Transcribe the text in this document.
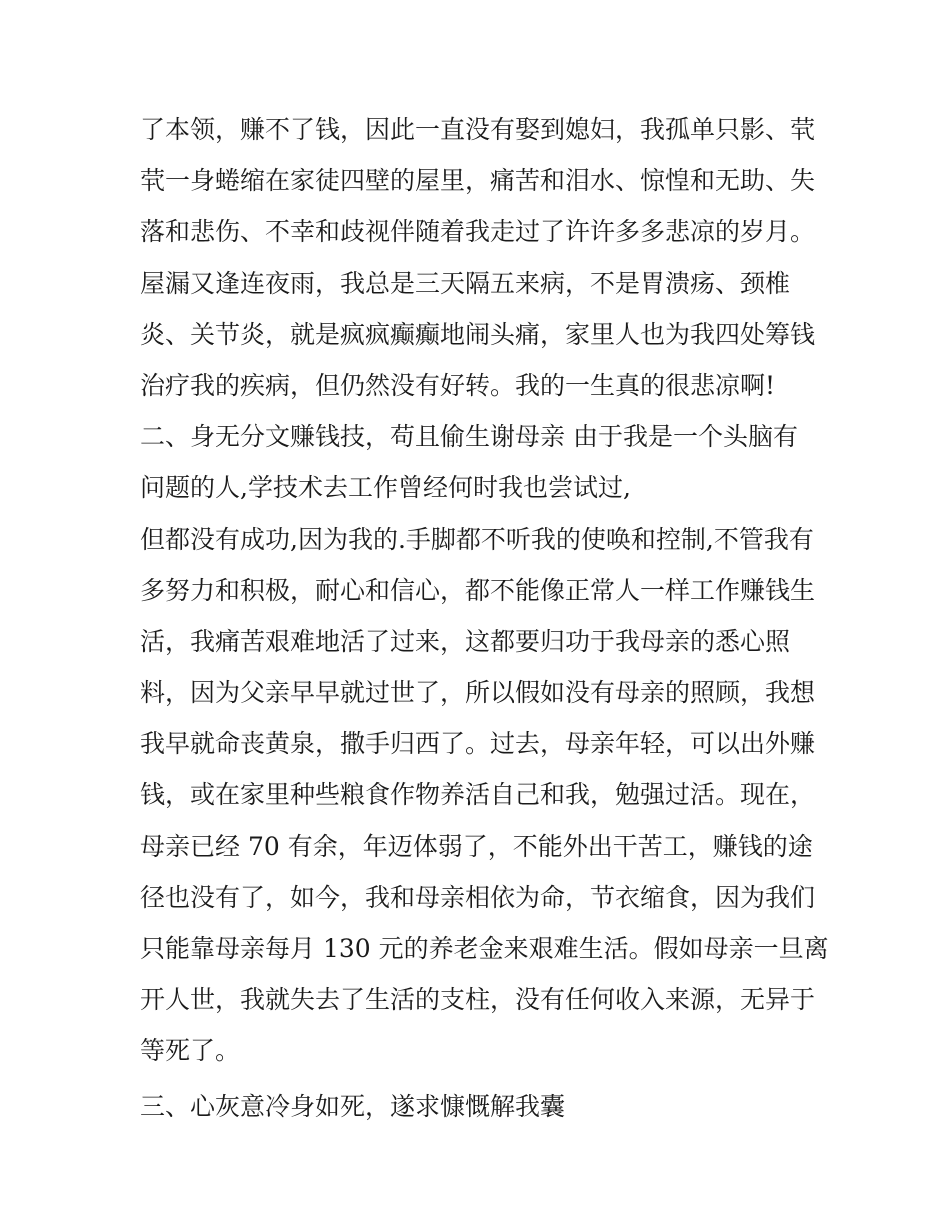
了本领，赚不了钱，因此一直没有娶到媳妇，我孤单只影、茕
茕一身蜷缩在家徒四壁的屋里，痛苦和泪水、惊惶和无助、失
落和悲伤、不幸和歧视伴随着我走过了许许多多悲凉的岁月。
屋漏又逢连夜雨，我总是三天隔五来病，不是胃溃疡、颈椎
炎、关节炎，就是疯疯癫癫地闹头痛，家里人也为我四处筹钱
治疗我的疾病，但仍然没有好转。我的一生真的很悲凉啊!
二、身无分文赚钱技，苟且偷生谢母亲 由于我是一个头脑有
问题的人,学技术去工作曾经何时我也尝试过,
但都没有成功,因为我的.手脚都不听我的使唤和控制,不管我有
多努力和积极，耐心和信心，都不能像正常人一样工作赚钱生
活，我痛苦艰难地活了过来，这都要归功于我母亲的悉心照
料，因为父亲早早就过世了，所以假如没有母亲的照顾，我想
我早就命丧黄泉，撒手归西了。过去，母亲年轻，可以出外赚
钱，或在家里种些粮食作物养活自己和我，勉强过活。现在，
母亲已经 70 有余，年迈体弱了，不能外出干苦工，赚钱的途
径也没有了，如今，我和母亲相依为命，节衣缩食，因为我们
只能靠母亲每月 130 元的养老金来艰难生活。假如母亲一旦离
开人世，我就失去了生活的支柱，没有任何收入来源，无异于
等死了。
三、心灰意冷身如死，遂求慷慨解我囊
